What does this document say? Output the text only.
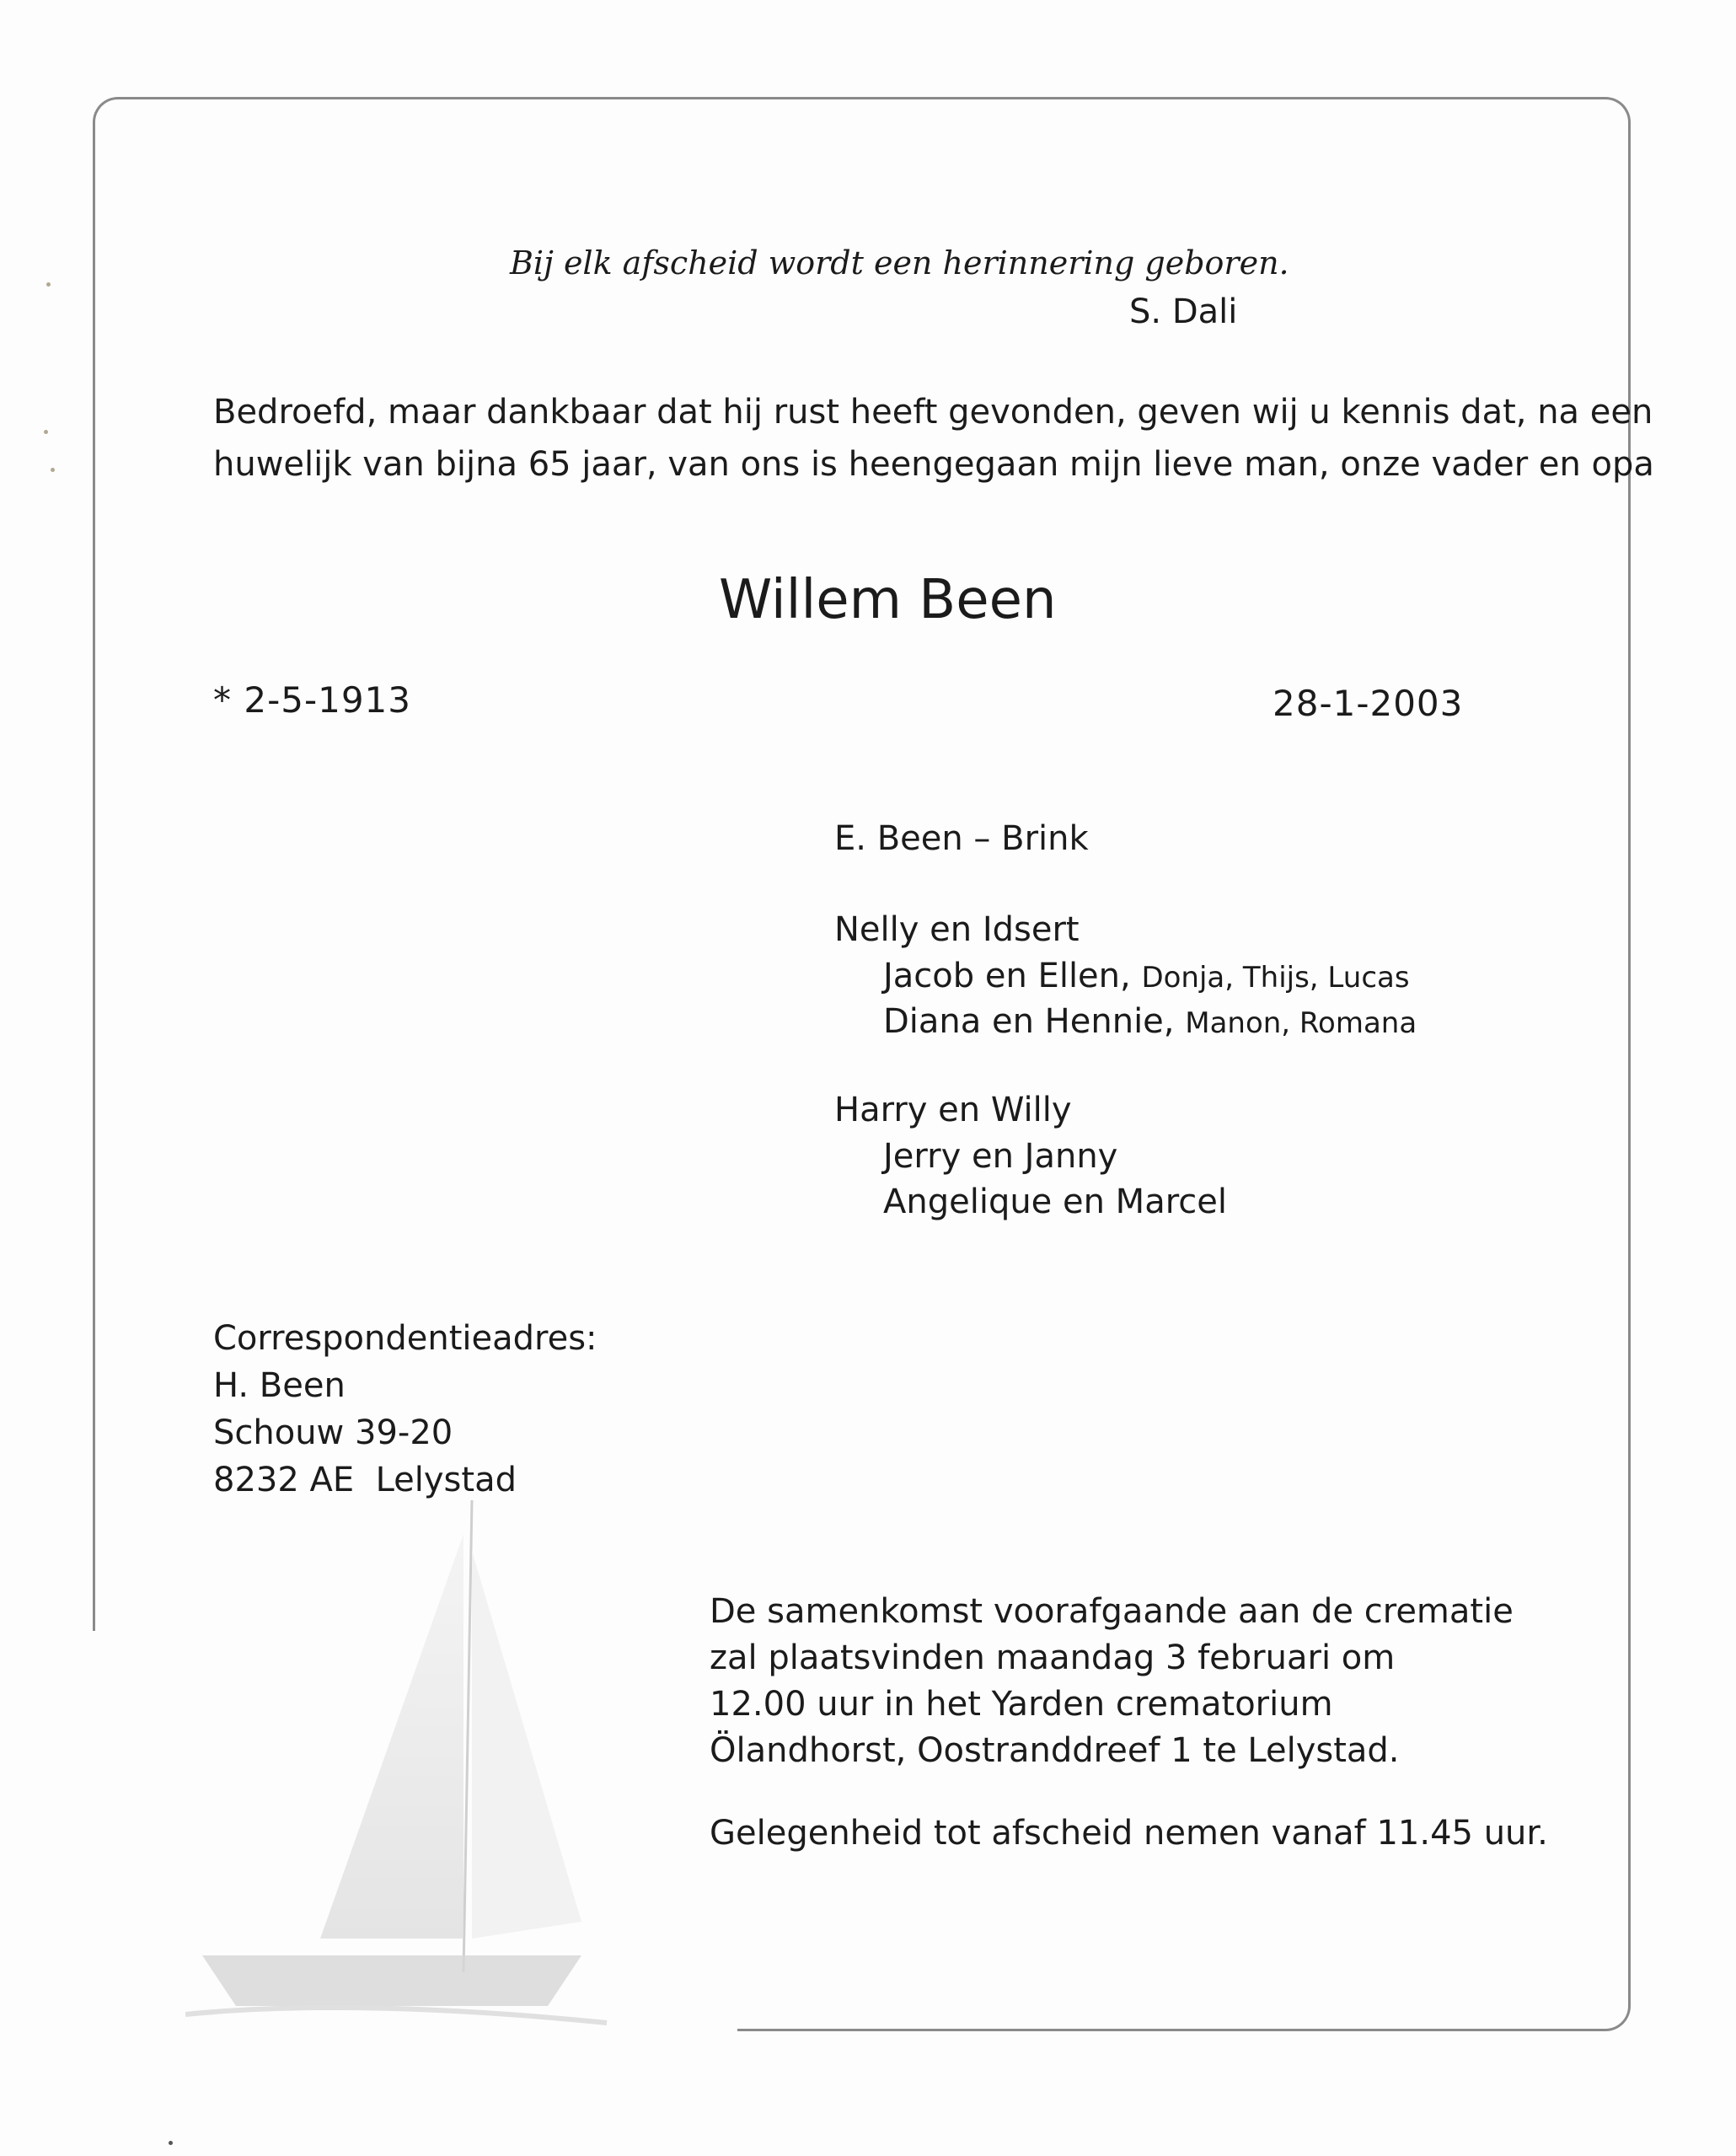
Bij elk afscheid wordt een herinnering geboren.
S. Dali
Bedroefd, maar dankbaar dat hij rust heeft gevonden, geven wij u kennis dat, na een
huwelijk van bijna 65 jaar, van ons is heengegaan mijn lieve man, onze vader en opa
Willem Been
* 2-5-1913	28-1-2003
E. Been – Brink
Nelly en Idsert
Jacob en Ellen, Donja, Thijs, Lucas
Diana en Hennie, Manon, Romana
Harry en Willy
Jerry en Janny
Angelique en Marcel
Correspondentieadres:
H. Been
Schouw 39-20
8232 AE  Lelystad
De samenkomst voorafgaande aan de crematie
zal plaatsvinden maandag 3 februari om
12.00 uur in het Yarden crematorium
Ölandhorst, Oostranddreef 1 te Lelystad.
Gelegenheid tot afscheid nemen vanaf 11.45 uur.
